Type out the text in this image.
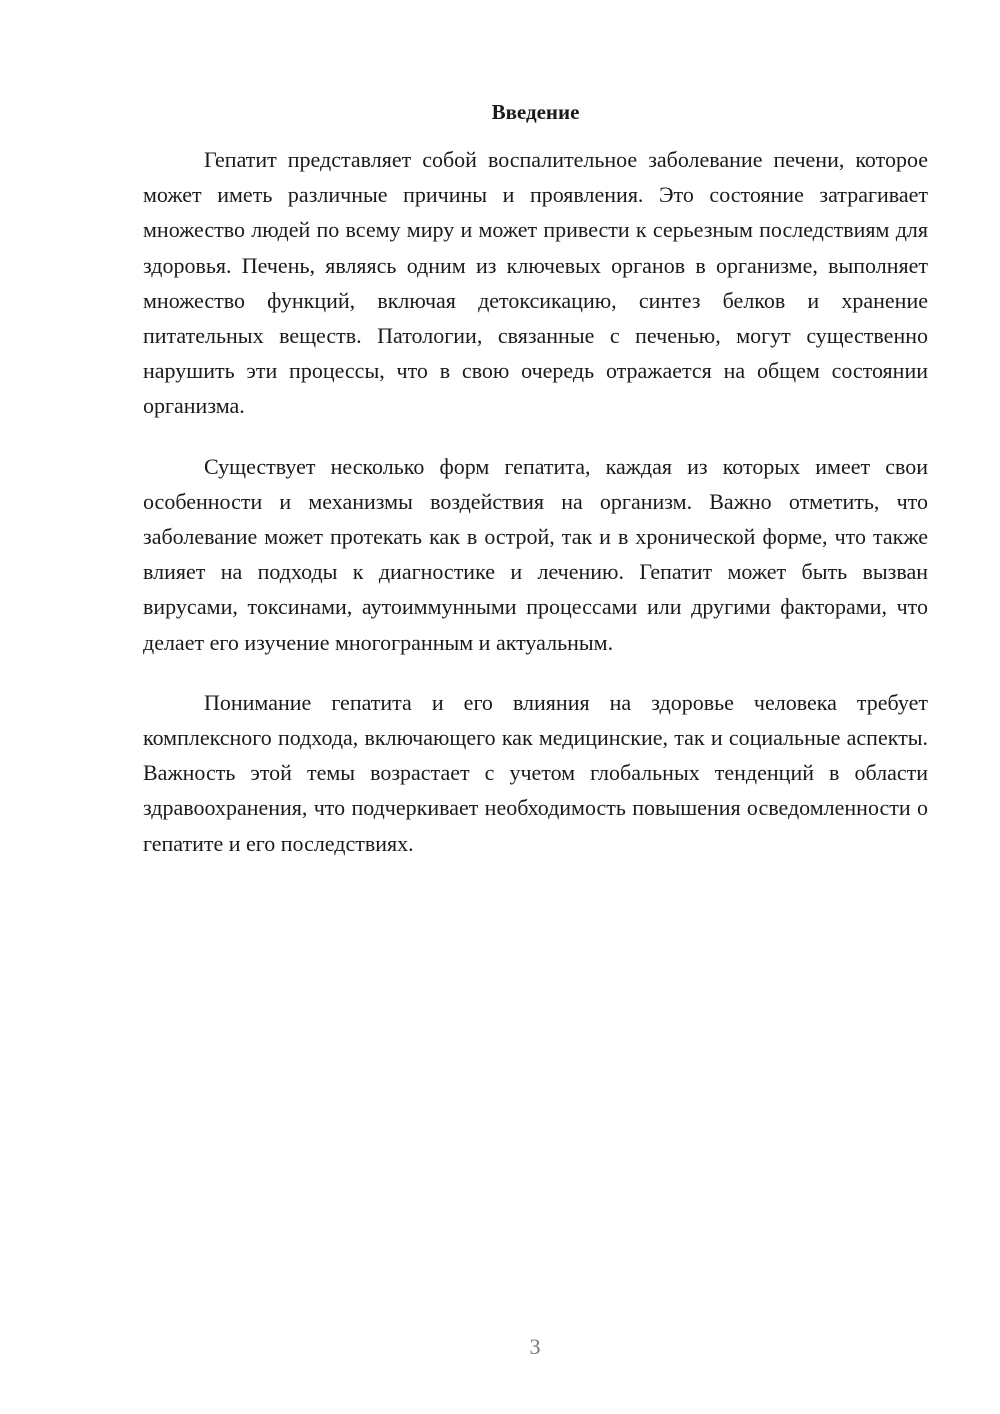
Введение

Гепатит представляет собой воспалительное заболевание печени, которое может иметь различные причины и проявления. Это состояние затрагивает множество людей по всему миру и может привести к серьезным последствиям для здоровья. Печень, являясь одним из ключевых органов в организме, выполняет множество функций, включая детоксикацию, синтез белков и хранение питательных веществ. Патологии, связанные с печенью, могут существенно нарушить эти процессы, что в свою очередь отражается на общем состоянии организма.

Существует несколько форм гепатита, каждая из которых имеет свои особенности и механизмы воздействия на организм. Важно отметить, что заболевание может протекать как в острой, так и в хронической форме, что также влияет на подходы к диагностике и лечению. Гепатит может быть вызван вирусами, токсинами, аутоиммунными процессами или другими факторами, что делает его изучение многогранным и актуальным.

Понимание гепатита и его влияния на здоровье человека требует комплексного подхода, включающего как медицинские, так и социальные аспекты. Важность этой темы возрастает с учетом глобальных тенденций в области здравоохранения, что подчеркивает необходимость повышения осведомленности о гепатите и его последствиях.

3
